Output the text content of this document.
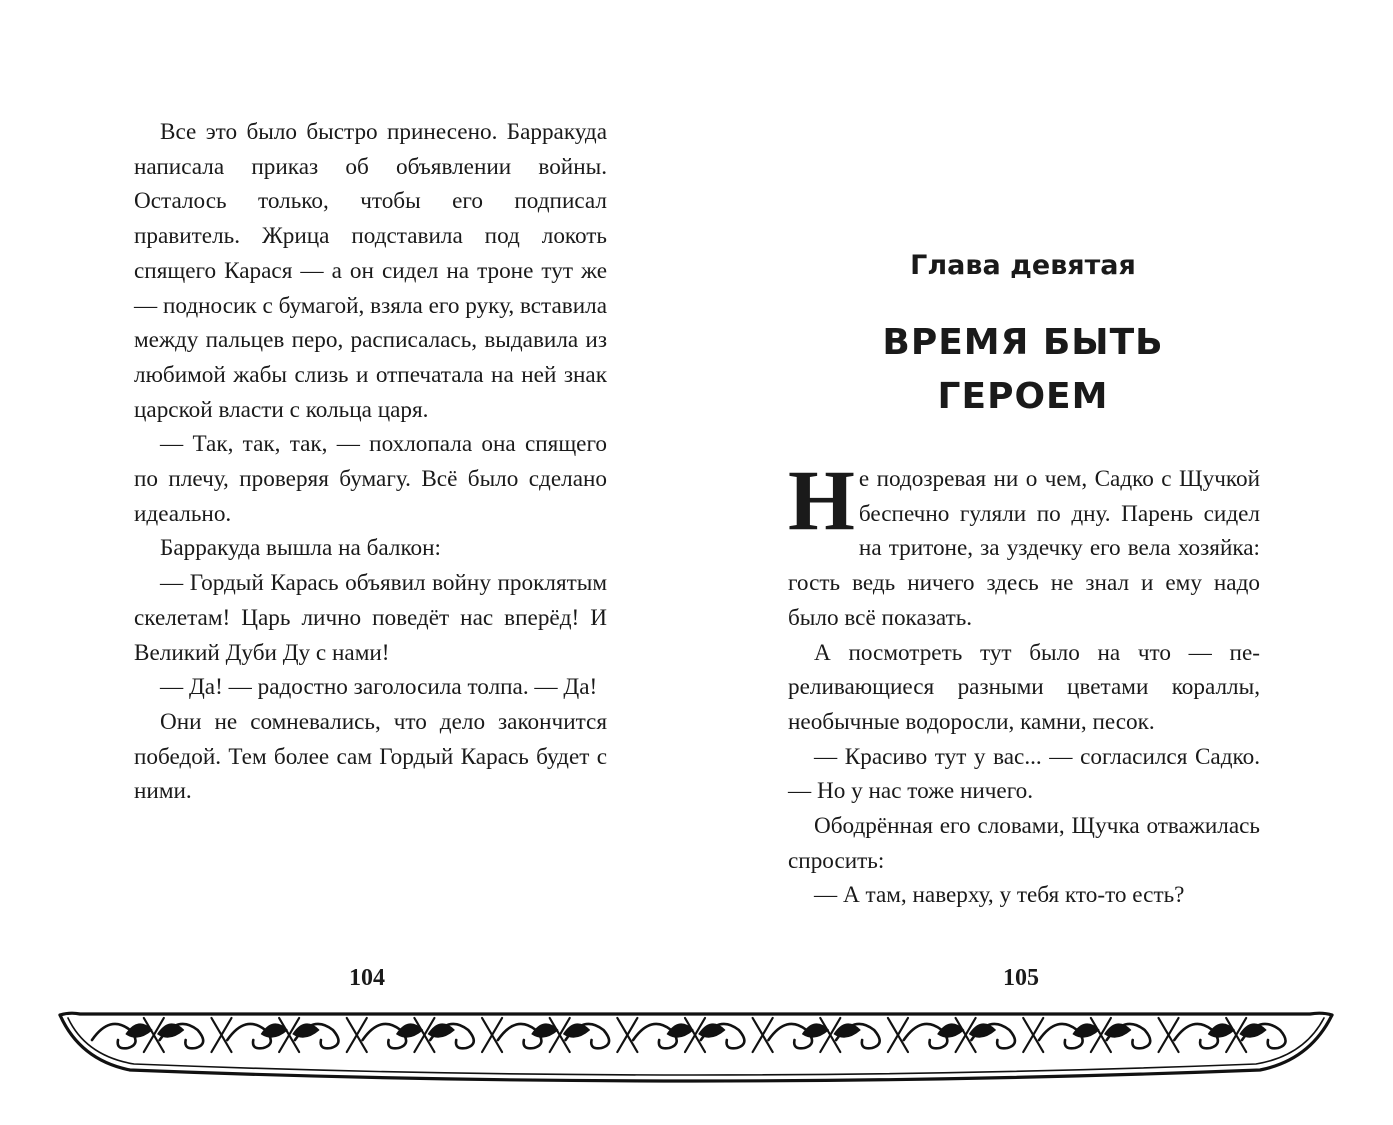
Все это было быстро принесено. Барракуда написала приказ об объявлении войны. Осталось только, чтобы его подписал правитель. Жрица подставила под локоть спящего Карася — а он сидел на троне тут же — подносик с бумагой, взяла его руку, вставила между пальцев перо, расписалась, выдавила из любимой жабы слизь и отпечатала на ней знак царской власти с кольца царя.

— Так, так, так, — похлопала она спящего по плечу, проверяя бумагу. Всё было сделано идеально.

Барракуда вышла на балкон:

— Гордый Карась объявил войну проклятым скелетам! Царь лично поведёт нас вперёд! И Великий Дуби Ду с нами!

— Да! — радостно заголосила толпа. — Да!

Они не сомневались, что дело закончится победой. Тем более сам Гордый Карась будет с ними.

104
Глава девятая
ВРЕМЯ БЫТЬ
ГЕРОЕМ

Не подозревая ни о чем, Садко с Щучкой беспечно гуляли по дну. Парень сидел на тритоне, за уздечку его вела хозяйка: гость ведь ничего здесь не знал и ему надо было всё показать.

А посмотреть тут было на что — переливающиеся разными цветами кораллы, необычные водоросли, камни, песок.

— Красиво тут у вас... — согласился Садко. — Но у нас тоже ничего.

Ободрённая его словами, Щучка отважилась спросить:

— А там, наверху, у тебя кто-то есть?

105
